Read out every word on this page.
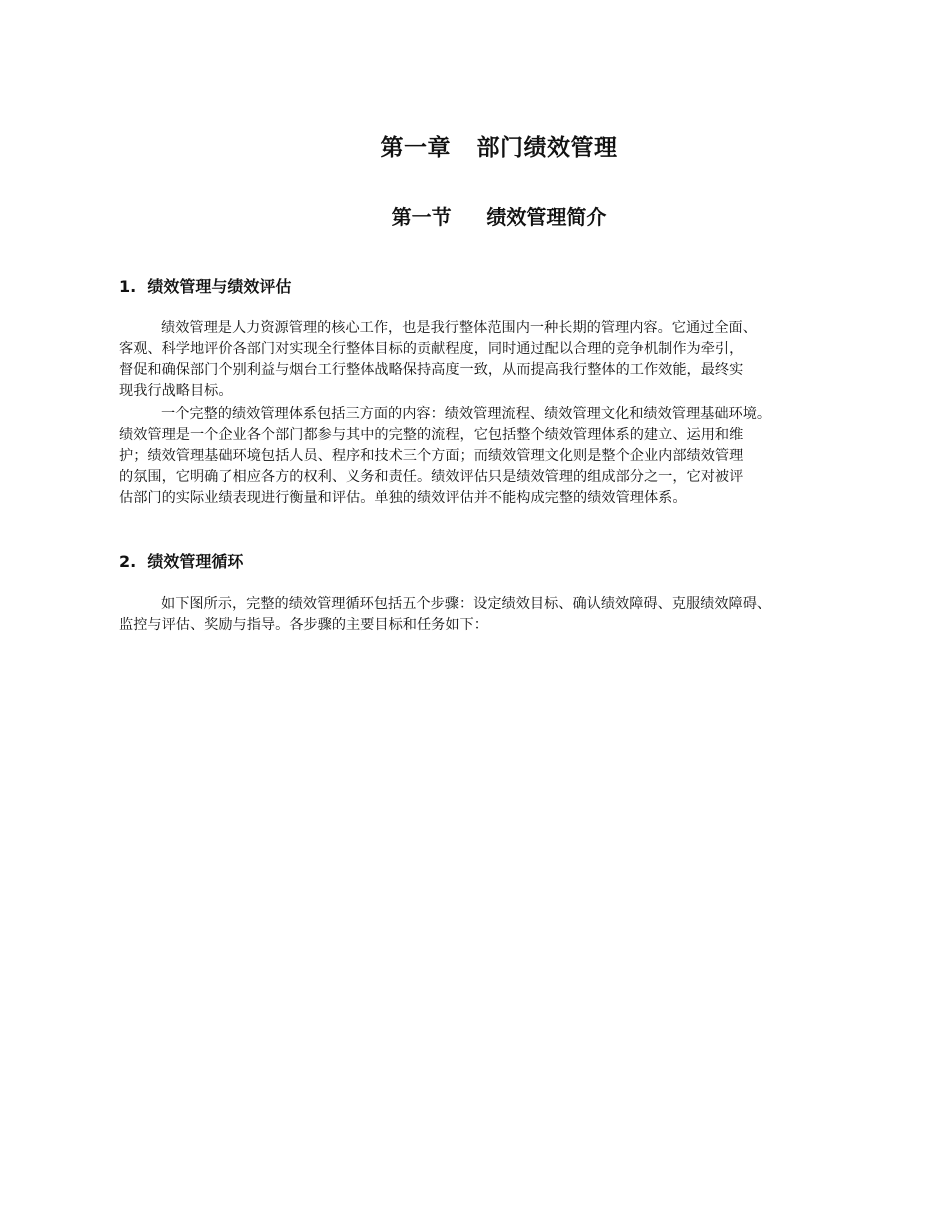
第一章   部门绩效管理
第一节     绩效管理简介
1.  绩效管理与绩效评估
绩效管理是人力资源管理的核心工作，也是我行整体范围内一种长期的管理内容。它通过全面、
客观、科学地评价各部门对实现全行整体目标的贡献程度，同时通过配以合理的竞争机制作为牵引，
督促和确保部门个别利益与烟台工行整体战略保持高度一致，从而提高我行整体的工作效能，最终实
现我行战略目标。
一个完整的绩效管理体系包括三方面的内容：绩效管理流程、绩效管理文化和绩效管理基础环境。
绩效管理是一个企业各个部门都参与其中的完整的流程，它包括整个绩效管理体系的建立、运用和维
护；绩效管理基础环境包括人员、程序和技术三个方面；而绩效管理文化则是整个企业内部绩效管理
的氛围，它明确了相应各方的权利、义务和责任。绩效评估只是绩效管理的组成部分之一，它对被评
估部门的实际业绩表现进行衡量和评估。单独的绩效评估并不能构成完整的绩效管理体系。
2.  绩效管理循环
如下图所示，完整的绩效管理循环包括五个步骤：设定绩效目标、确认绩效障碍、克服绩效障碍、
监控与评估、奖励与指导。各步骤的主要目标和任务如下：
